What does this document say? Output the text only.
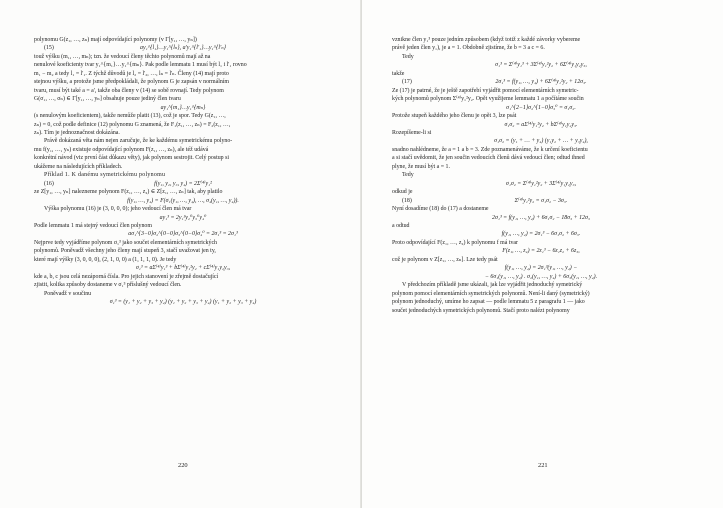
polynomu G(z₁, …, zₙ) mají odpovídající polynomy (v Γ[y₁, …, yₙ])

(15)	ay₁^{l₁}…y₁^{lₙ}, a'y₁^{l'₁}…y₁^{l'ₙ}

touž výšku (m₁, …, mₙ); tzn. že vedoucí členy těchto polynomů mají až na

nenulové koeficienty tvar y₁^{m₁}…y₁^{mₙ}. Pak podle lemmatu 1 musí být l₁ i l'₁ rovno

m₁ − m₂ a tedy l₁ = l'₁. Z týchž důvodů je l₂ = l'₂, …, lₙ = l'ₙ. Členy (14) mají proto

stejnou výšku, a protože jsme předpokládali, že polynom G je zapsán v normálním

tvaru, musí být také a = a', takže oba členy v (14) se sobě rovnají. Tedy polynom

G(σ₁, …, σₙ) ∈ Γ[y₁, …, yₙ] obsahuje pouze jediný člen tvaru

ay₁^{m₁}…y₁^{mₙ}

(s nenulovým koeficientem), takže nemůže platit (13), což je spor. Tedy G(z₁, …,

zₙ) = 0, což podle definice (12) polynomu G znamená, že F₁(z₁, …, zₙ) = F₂(z₁, …,

zₙ). Tím je jednoznačnost dokázána.

Právě dokázaná věta nám nejen zaručuje, že ke každému symetrickému polyno-

mu f(y₁, …, yₙ) existuje odpovídající polynom F(z₁, …, zₙ), ale též udává

konkrétní návod (viz první část důkazu věty), jak polynom sestrojit. Celý postup si

ukážeme na následujících příkladech.

Příklad 1. K danému symetrickému polynomu

(16)	f(y₁, y₂, y₃, y₄) = 2Σ⁽⁴⁾y₁²

ze Z[y₁, …, yₙ] nalezneme polynom F(z₁, …, z₄) ∈ Z[z₁, …, zₙ] tak, aby platilo

f(y₁, …, y₄) = F(σ₁(y₁, …, y₄), …, σ₄(y₁, …, y₄)).

Výška polynomu (16) je (3, 0, 0, 0); jeho vedoucí člen má tvar

ay₁³ = 2y₁³y₂⁰y₃⁰y₄⁰

Podle lemmatu 1 má stejný vedoucí člen polynom

aσ₁^{3−0}σ₂^{0−0}σ₃^{0−0}σ₄⁰ = 2σ₁³ = 2σ₁³

Nejprve tedy vyjádříme polynom σ₁³ jako součet elementárních symetrických

polynomů. Poněvadž všechny jeho členy mají stupeň 3, stačí uvažovat jen ty,

které mají výšky (3, 0, 0, 0), (2, 1, 0, 0) a (1, 1, 1, 0). Je tedy

σ₁³ = aΣ⁽⁴⁾y₁³ + bΣ⁽⁴⁾y₁²y₂ + cΣ⁽⁴⁾y₁y₂y₃,

kde a, b, c jsou celá nezáporná čísla. Pro jejich stanovení je zřejmě dostačující

zjistit, kolika způsoby dostaneme v σ₁³ příslušný vedoucí člen.

Poněvadž v součinu

σ₁³ = (y₁ + y₂ + y₃ + y₄) (y₁ + y₂ + y₃ + y₄) (y₁ + y₂ + y₃ + y₄)
220

vznikne člen y₁³ pouze jedním způsobem (když totiž z každé závorky vybereme

právě jeden člen y₁), je a = 1. Obdobně zjistíme, že b = 3 a c = 6.

Tedy

σ₁³ = Σ⁽⁴⁾y₁³ + 3Σ⁽⁴⁾y₁²y₂ + 6Σ⁽⁴⁾y₁y₂y₃,

takže

(17)	2σ₁³ = f(y₁, …, y₄) + 6Σ⁽⁴⁾y₁²y₂ + 12σ₃.

Ze (17) je patrné, že je ještě zapotřebí vyjádřit pomocí elementárních symetric-

kých polynomů polynom Σ⁽⁴⁾y₁²y₂. Opět využijeme lemmatu 1 a počítáme součin

σ₁^{2−1}σ₂^{1−0}σ₃⁰ = σ₁σ₂.

Protože stupeň každého jeho členu je opět 3, lze psát

σ₁σ₂ = aΣ⁽⁴⁾y₁²y₂ + bΣ⁽⁴⁾y₁y₂y₃.

Rozepíšeme-li si

σ₁σ₂ = (y₁ + … + y₄) (y₁y₂ + … + y₃y₄),

snadno nahlédneme, že a = 1 a b = 3. Zde poznamenáváme, že k určení koeficientu

a si stačí uvědomit, že jen součin vedoucích členů dává vedoucí člen; odtud ihned

plyne, že musí být a = 1.

Tedy

σ₁σ₂ = Σ⁽⁴⁾y₁²y₂ + 3Σ⁽⁴⁾y₁y₂y₃,

odkud je

(18)	Σ⁽⁴⁾y₁²y₂ = σ₁σ₂ − 3σ₃.

Nyní dosadíme (18) do (17) a dostaneme

2σ₁³ = f(y₁, …, y₄) + 6σ₁σ₂ − 18σ₃ + 12σ₃

a odtud

f(y₁, …, y₄) = 2σ₁³ − 6σ₁σ₂ + 6σ₃.

Proto odpovídající F(z₁, …, z₄) k polynomu f má tvar

F(z₁, …, z₄) = 2z₁³ − 6z₁z₂ + 6z₃,

což je polynom v Z[z₁, …, zₙ]. Lze tedy psát

f(y₁, …, y₄) = 2σ₁³(y₁, …, y₄) −
− 6σ₁(y₁, …, y₄) . σ₂(y₁, …, y₄) + 6σ₃(y₁, …, y₄).

V předchozím příkladě jsme ukázali, jak lze vyjádřit jednoduchý symetrický

polynom pomocí elementárních symetrických polynomů. Není-li daný (symetrický)

polynom jednoduchý, umíme ho zapsat — podle lemmatu 5 z paragrafu 1 — jako

součet jednoduchých symetrických polynomů. Stačí proto nalézt polynomy

221
